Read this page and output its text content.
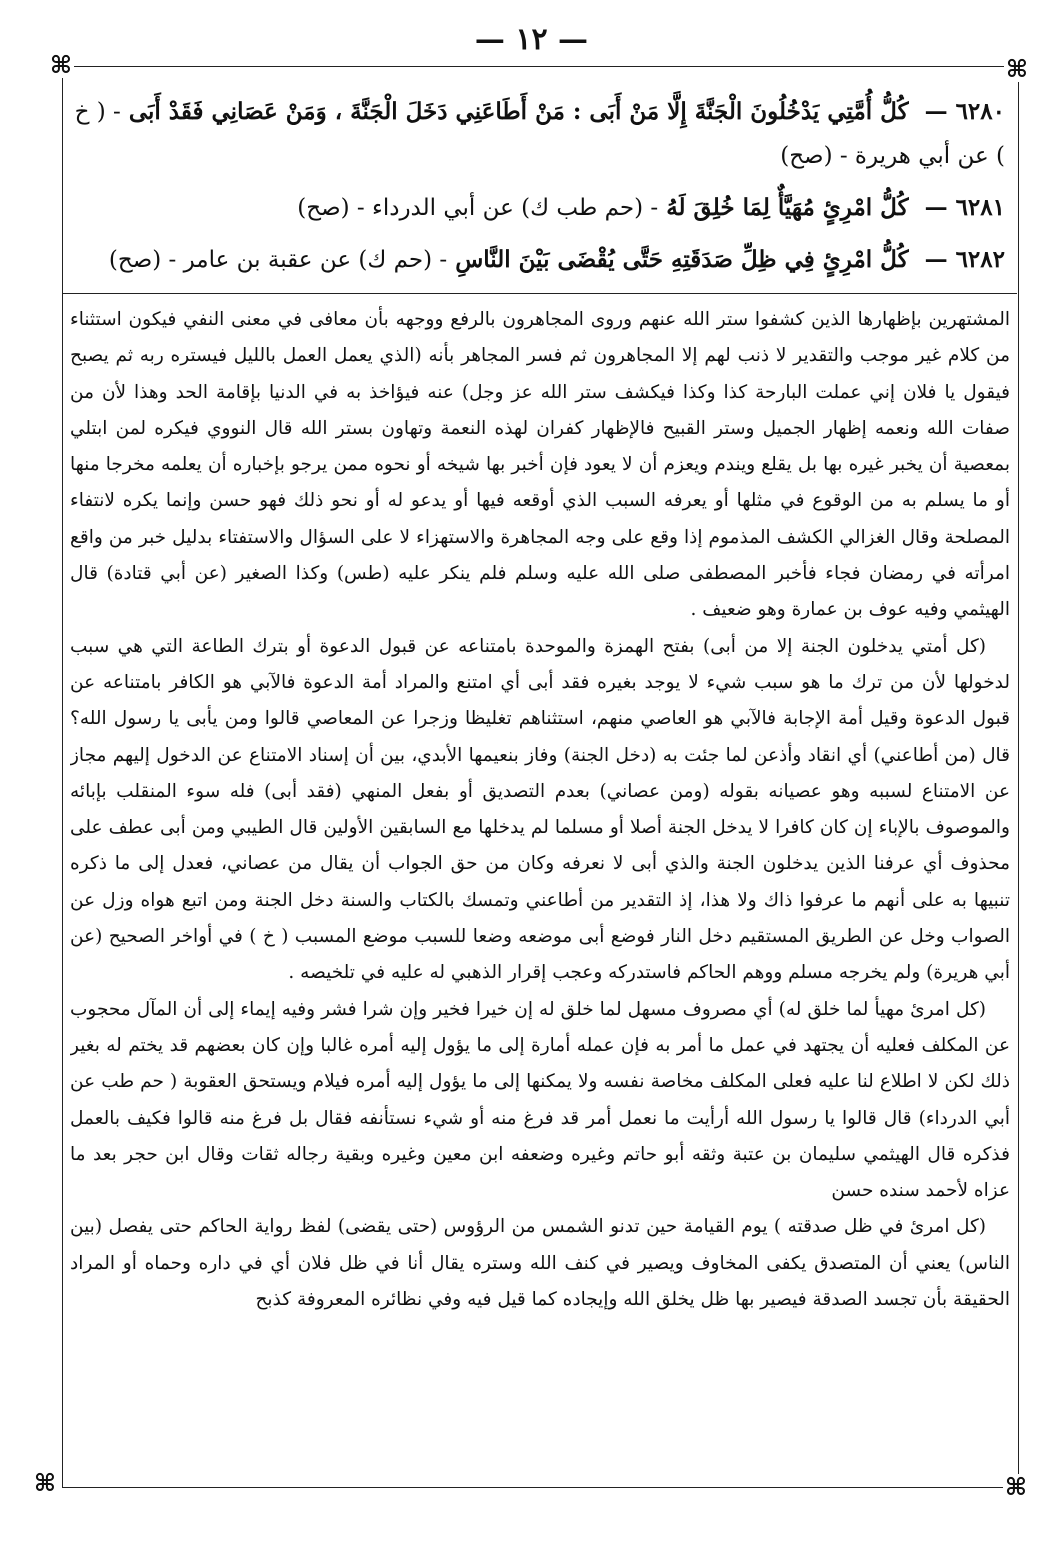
— ١٢ —
⌘	⌘
⌘	⌘
٦٢٨٠ — كُلُّ أُمَّتِي يَدْخُلُونَ الْجَنَّةَ إِلَّا مَنْ أَبَى : مَنْ أَطَاعَنِي دَخَلَ الْجَنَّةَ ، وَمَنْ عَصَانِي فَقَدْ أَبَى - ( خ ) عن أبي هريرة - (صح)
٦٢٨١ — كُلُّ امْرِئٍ مُهَيَّأٌ لِمَا خُلِقَ لَهُ - (حم طب ك) عن أبي الدرداء - (صح)
٦٢٨٢ — كُلُّ امْرِئٍ فِي ظِلِّ صَدَقَتِهِ حَتَّى يُقْضَى بَيْنَ النَّاسِ - (حم ك) عن عقبة بن عامر - (صح)

المشتهرين بإظهارها الذين كشفوا ستر الله عنهم وروى المجاهرون بالرفع ووجهه بأن معافى في معنى النفي فيكون استثناء من كلام غير موجب والتقدير لا ذنب لهم إلا المجاهرون ثم فسر المجاهر بأنه (الذي يعمل العمل بالليل فيستره ربه ثم يصبح فيقول يا فلان إني عملت البارحة كذا وكذا فيكشف ستر الله عز وجل) عنه فيؤاخذ به في الدنيا بإقامة الحد وهذا لأن من صفات الله ونعمه إظهار الجميل وستر القبيح فالإظهار كفران لهذه النعمة وتهاون بستر الله قال النووي فيكره لمن ابتلي بمعصية أن يخبر غيره بها بل يقلع ويندم ويعزم أن لا يعود فإن أخبر بها شيخه أو نحوه ممن يرجو بإخباره أن يعلمه مخرجا منها أو ما يسلم به من الوقوع في مثلها أو يعرفه السبب الذي أوقعه فيها أو يدعو له أو نحو ذلك فهو حسن وإنما يكره لانتفاء المصلحة وقال الغزالي الكشف المذموم إذا وقع على وجه المجاهرة والاستهزاء لا على السؤال والاستفتاء بدليل خبر من واقع امرأته في رمضان فجاء فأخبر المصطفى صلى الله عليه وسلم فلم ينكر عليه (طس) وكذا الصغير (عن أبي قتادة) قال الهيثمي وفيه عوف بن عمارة وهو ضعيف .

(كل أمتي يدخلون الجنة إلا من أبى) بفتح الهمزة والموحدة بامتناعه عن قبول الدعوة أو بترك الطاعة التي هي سبب لدخولها لأن من ترك ما هو سبب شيء لا يوجد بغيره فقد أبى أي امتنع والمراد أمة الدعوة فالآبي هو الكافر بامتناعه عن قبول الدعوة وقيل أمة الإجابة فالآبي هو العاصي منهم، استثناهم تغليظا وزجرا عن المعاصي قالوا ومن يأبى يا رسول الله؟ قال (من أطاعني) أي انقاد وأذعن لما جئت به (دخل الجنة) وفاز بنعيمها الأبدي، بين أن إسناد الامتناع عن الدخول إليهم مجاز عن الامتناع لسببه وهو عصيانه بقوله (ومن عصاني) بعدم التصديق أو بفعل المنهي (فقد أبى) فله سوء المنقلب بإبائه والموصوف بالإباء إن كان كافرا لا يدخل الجنة أصلا أو مسلما لم يدخلها مع السابقين الأولين قال الطيبي ومن أبى عطف على محذوف أي عرفنا الذين يدخلون الجنة والذي أبى لا نعرفه وكان من حق الجواب أن يقال من عصاني، فعدل إلى ما ذكره تنبيها به على أنهم ما عرفوا ذاك ولا هذا، إذ التقدير من أطاعني وتمسك بالكتاب والسنة دخل الجنة ومن اتبع هواه وزل عن الصواب وخل عن الطريق المستقيم دخل النار فوضع أبى موضعه وضعا للسبب موضع المسبب ( خ ) في أواخر الصحيح (عن أبي هريرة) ولم يخرجه مسلم ووهم الحاكم فاستدركه وعجب إقرار الذهبي له عليه في تلخيصه .

(كل امرئ مهيأ لما خلق له) أي مصروف مسهل لما خلق له إن خيرا فخير وإن شرا فشر وفيه إيماء إلى أن المآل محجوب عن المكلف فعليه أن يجتهد في عمل ما أمر به فإن عمله أمارة إلى ما يؤول إليه أمره غالبا وإن كان بعضهم قد يختم له بغير ذلك لكن لا اطلاع لنا عليه فعلى المكلف مخاصة نفسه ولا يمكنها إلى ما يؤول إليه أمره فيلام ويستحق العقوبة ( حم طب عن أبي الدرداء) قال قالوا يا رسول الله أرأيت ما نعمل أمر قد فرغ منه أو شيء نستأنفه فقال بل فرغ منه قالوا فكيف بالعمل فذكره قال الهيثمي سليمان بن عتبة وثقه أبو حاتم وغيره وضعفه ابن معين وغيره وبقية رجاله ثقات وقال ابن حجر بعد ما عزاه لأحمد سنده حسن

(كل امرئ في ظل صدقته ) يوم القيامة حين تدنو الشمس من الرؤوس (حتى يقضى) لفظ رواية الحاكم حتى يفصل (بين الناس) يعني أن المتصدق يكفى المخاوف ويصير في كنف الله وستره يقال أنا في ظل فلان أي في داره وحماه أو المراد الحقيقة بأن تجسد الصدقة فيصير بها ظل يخلق الله وإيجاده كما قيل فيه وفي نظائره المعروفة كذبح
